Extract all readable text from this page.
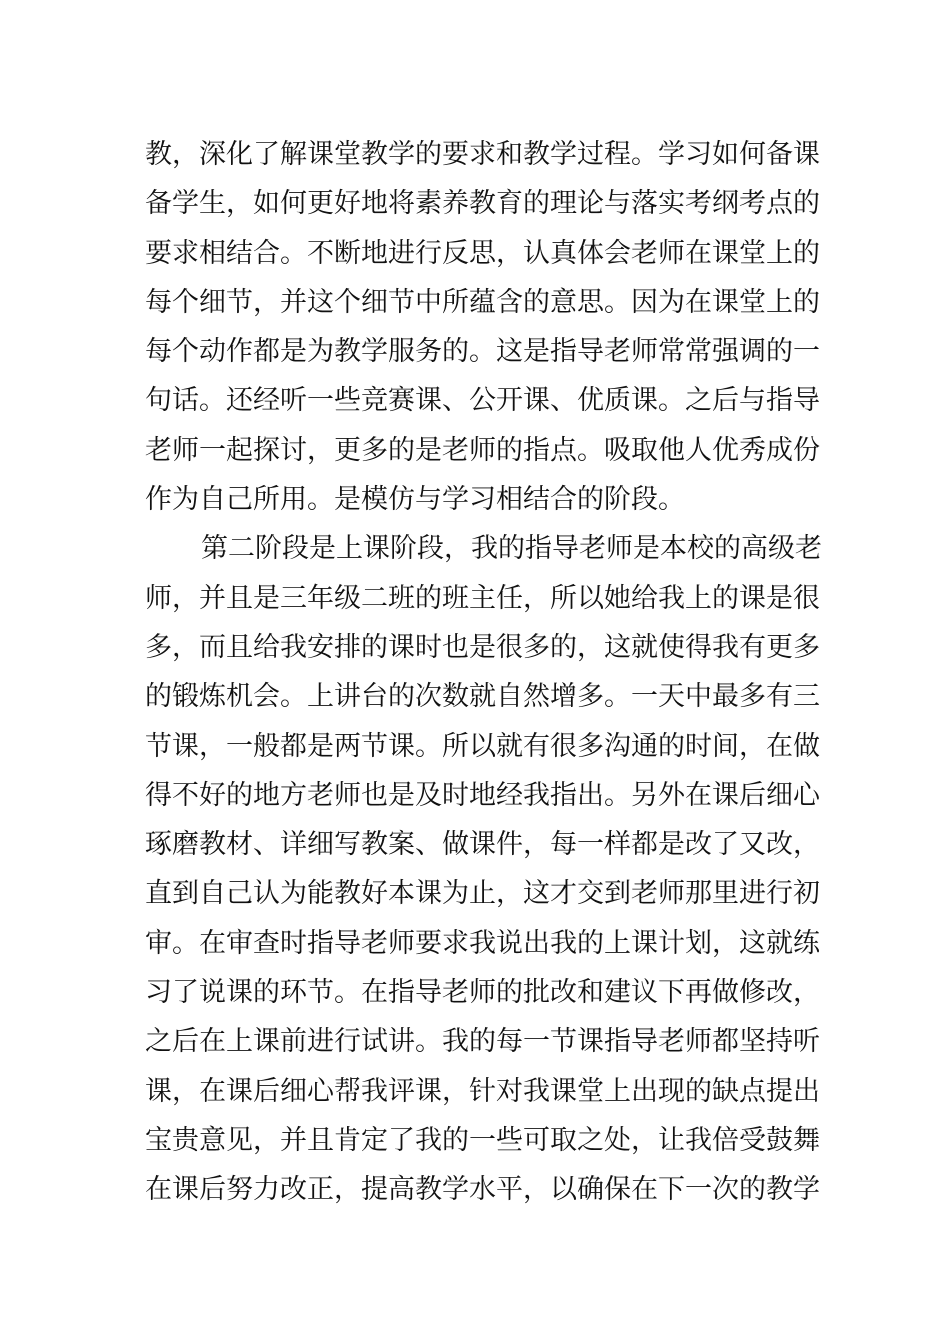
教，深化了解课堂教学的要求和教学过程。学习如何备课
备学生，如何更好地将素养教育的理论与落实考纲考点的
要求相结合。不断地进行反思，认真体会老师在课堂上的
每个细节，并这个细节中所蕴含的意思。因为在课堂上的
每个动作都是为教学服务的。这是指导老师常常强调的一
句话。还经听一些竞赛课、公开课、优质课。之后与指导
老师一起探讨，更多的是老师的指点。吸取他人优秀成份
作为自己所用。是模仿与学习相结合的阶段。
第二阶段是上课阶段，我的指导老师是本校的高级老
师，并且是三年级二班的班主任，所以她给我上的课是很
多，而且给我安排的课时也是很多的，这就使得我有更多
的锻炼机会。上讲台的次数就自然增多。一天中最多有三
节课，一般都是两节课。所以就有很多沟通的时间，在做
得不好的地方老师也是及时地经我指出。另外在课后细心
琢磨教材、详细写教案、做课件，每一样都是改了又改，
直到自己认为能教好本课为止，这才交到老师那里进行初
审。在审查时指导老师要求我说出我的上课计划，这就练
习了说课的环节。在指导老师的批改和建议下再做修改，
之后在上课前进行试讲。我的每一节课指导老师都坚持听
课，在课后细心帮我评课，针对我课堂上出现的缺点提出
宝贵意见，并且肯定了我的一些可取之处，让我倍受鼓舞
在课后努力改正，提高教学水平，以确保在下一次的教学
